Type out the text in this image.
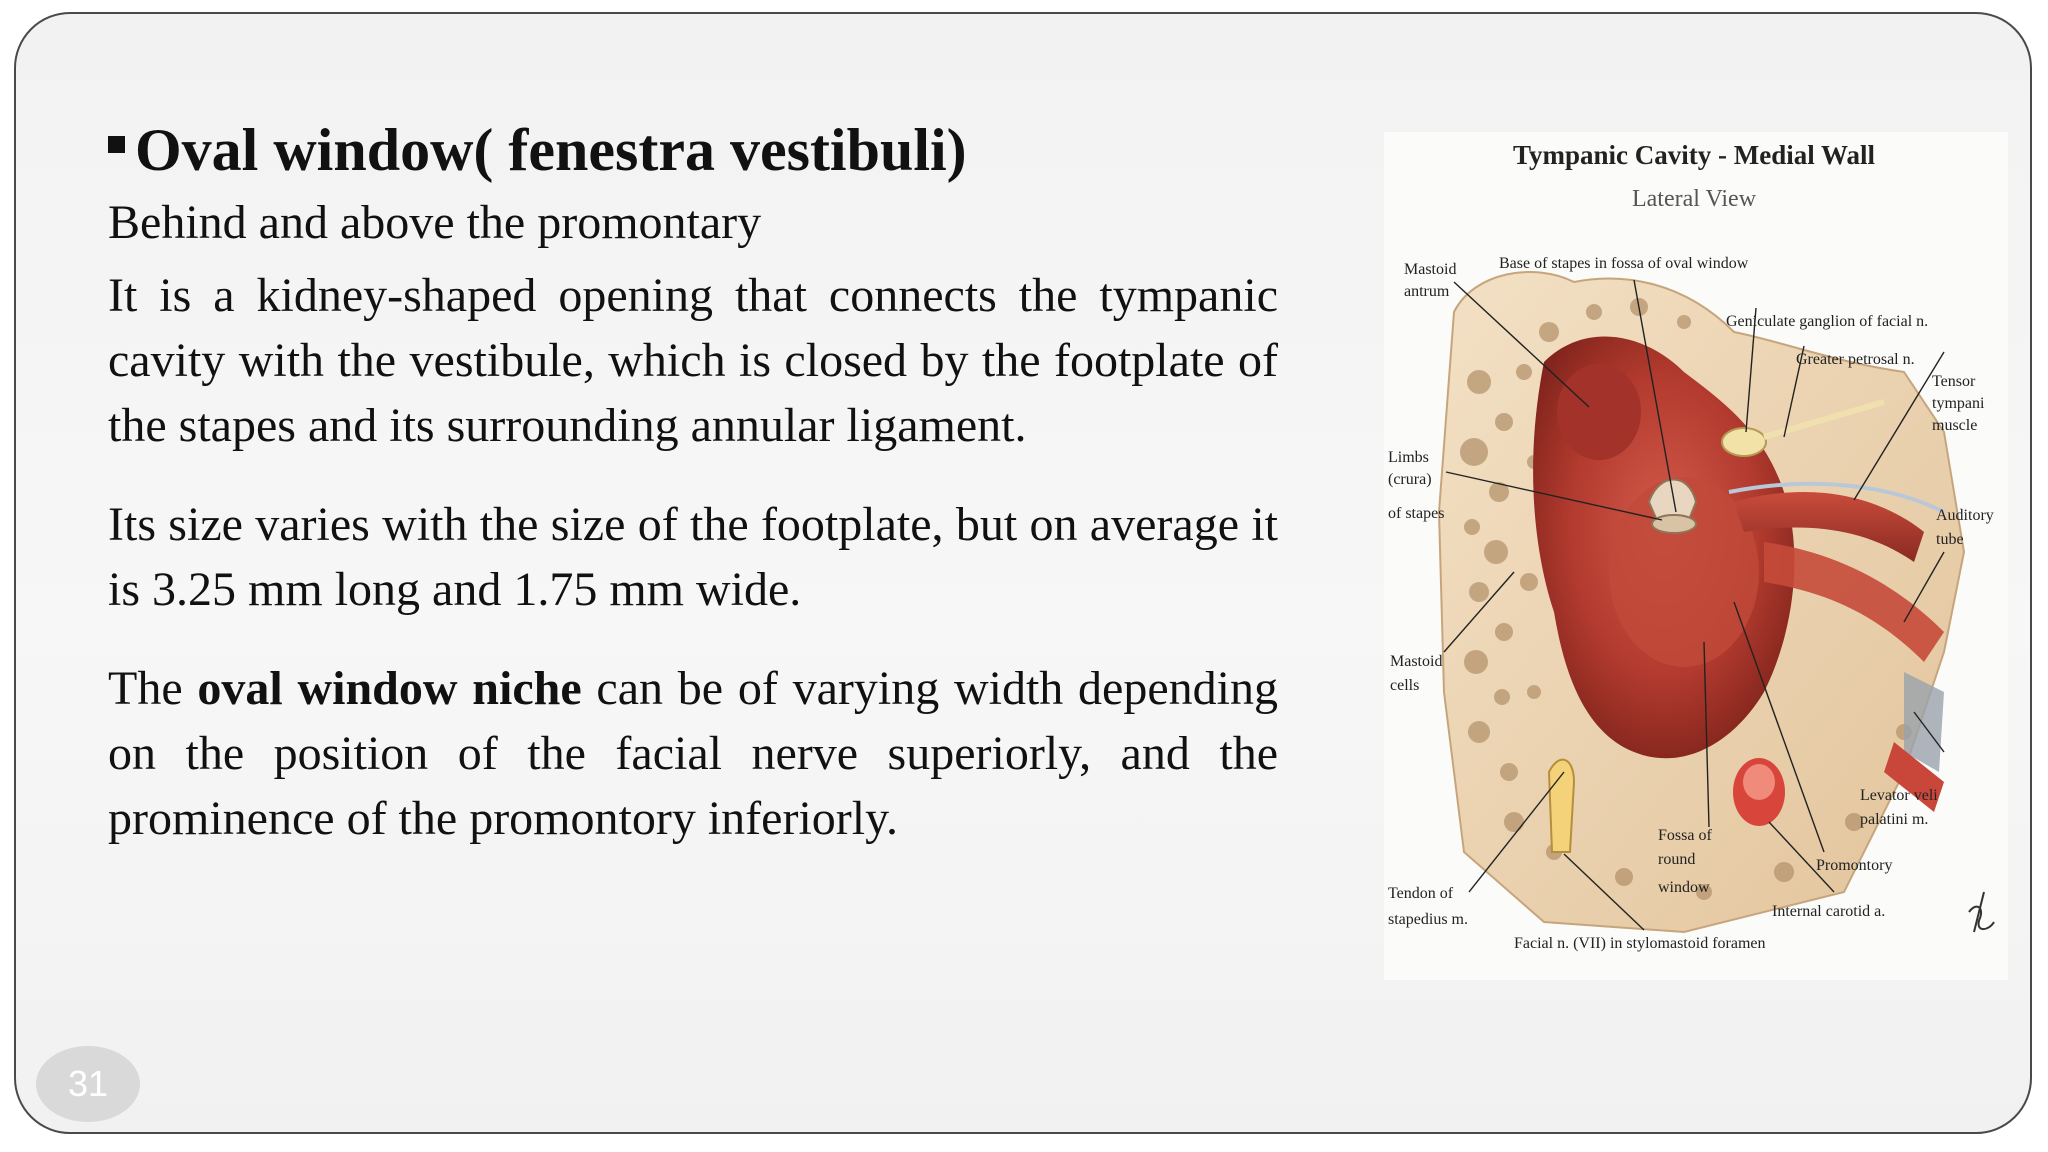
Oval window( fenestra vestibuli)

Behind and above the promontary

It is a kidney-shaped opening that connects the tympanic cavity with the vestibule, which is closed by the footplate of the stapes and its surrounding annular ligament.

Its size varies with the size of the footplate, but on average it is 3.25 mm long and 1.75 mm wide.

The oval window niche can be of varying width depending on the position of the facial nerve superiorly, and the prominence of the promontory inferiorly.

Tympanic Cavity - Medial Wall
Lateral View
Mastoid
antrum
Base of stapes in fossa of oval window
Geniculate ganglion of facial n.
Greater petrosal n.
Tensor
tympani
muscle
Limbs
(crura)
of stapes	Auditory
tube
Mastoid
cells
Levator veli
palatini m.
Fossa of
round
window
Promontory
Tendon of
stapedius m.	Internal carotid a.
Facial n. (VII) in stylomastoid foramen
31
